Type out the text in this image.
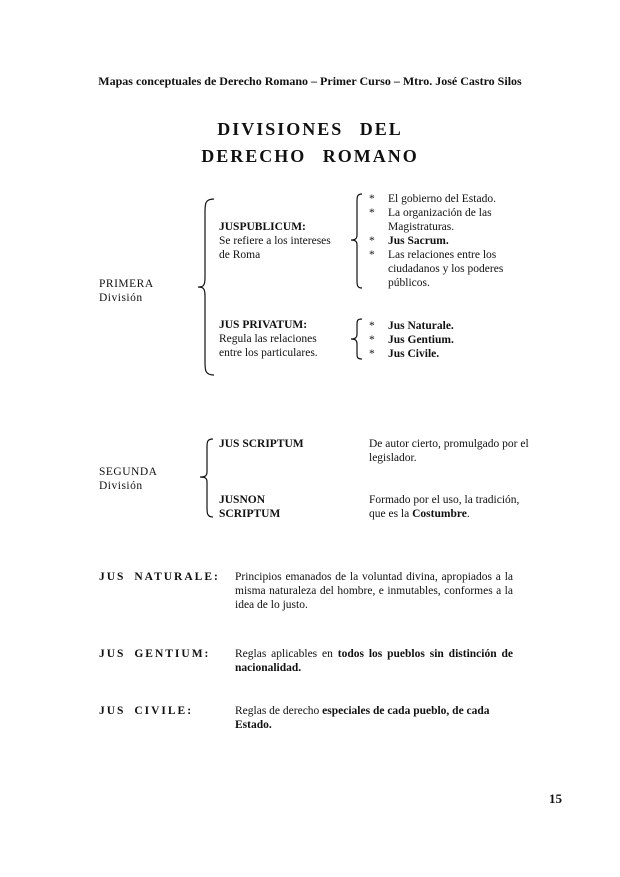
Mapas conceptuales de Derecho Romano – Primer Curso – Mtro. José Castro Silos
DIVISIONES DEL
DERECHO ROMANO
PRIMERA
División
JUSPUBLICUM:
Se refiere a los intereses
de Roma
* El gobierno del Estado.
* La organización de las Magistraturas.
* Jus Sacrum.
* Las relaciones entre los ciudadanos y los poderes públicos.
JUS PRIVATUM:
Regula las relaciones
entre los particulares.
* Jus Naturale.
* Jus Gentium.
* Jus Civile.
SEGUNDA
División
JUS SCRIPTUM	De autor cierto, promulgado por el legislador.
JUSNON
SCRIPTUM
Formado por el uso, la tradición, que es la Costumbre.
JUS NATURALE: Principios emanados de la voluntad divina, apropiados a la misma naturaleza del hombre, e inmutables, conformes a la idea de lo justo.
JUS GENTIUM: Reglas aplicables en todos los pueblos sin distinción de nacionalidad.
JUS CIVILE:	Reglas de derecho especiales de cada pueblo, de cada Estado.
15
